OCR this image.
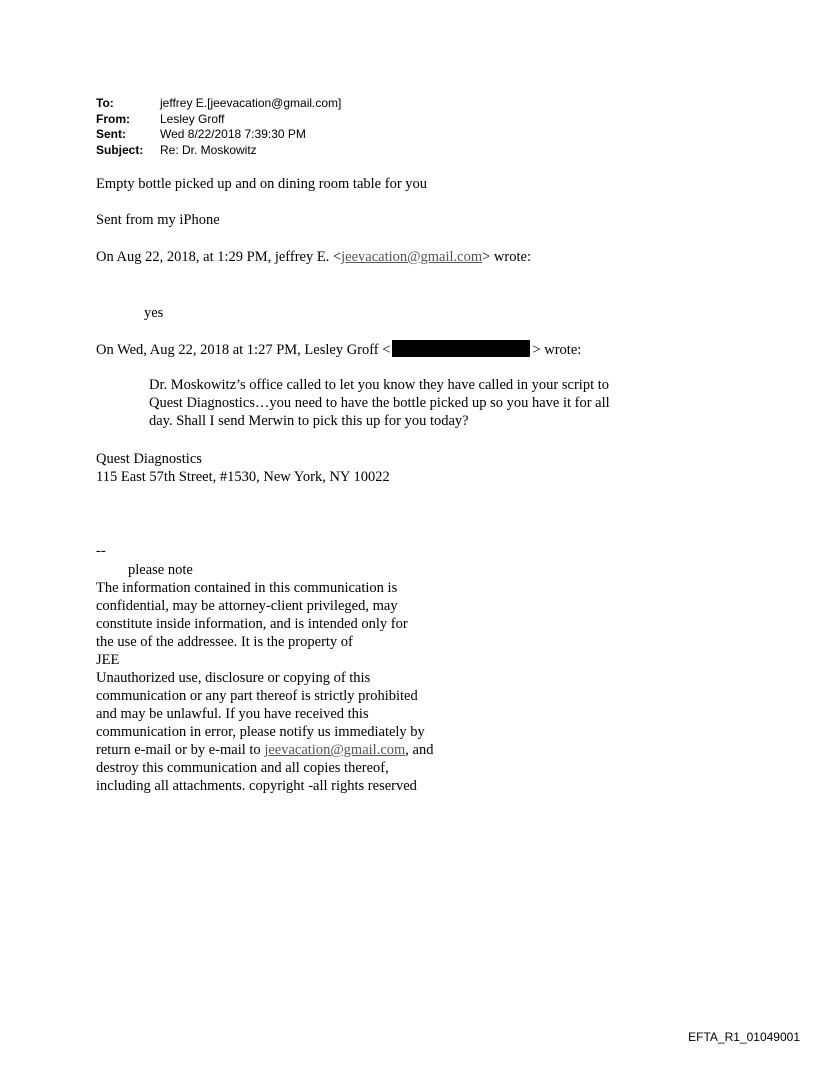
To:	jeffrey E.[jeevacation@gmail.com]
From:	Lesley Groff
Sent:	Wed 8/22/2018 7:39:30 PM
Subject:	Re: Dr. Moskowitz
Empty bottle picked up and on dining room table for you
Sent from my iPhone
On Aug 22, 2018, at 1:29 PM, jeffrey E. <jeevacation@gmail.com> wrote:
yes
On Wed, Aug 22, 2018 at 1:27 PM, Lesley Groff <	> wrote:
Dr. Moskowitz’s office called to let you know they have called in your script to
Quest Diagnostics…you need to have the bottle picked up so you have it for all
day. Shall I send Merwin to pick this up for you today?
Quest Diagnostics
115 East 57th Street, #1530, New York, NY 10022
--
please note
The information contained in this communication is
confidential, may be attorney-client privileged, may
constitute inside information, and is intended only for
the use of the addressee. It is the property of
JEE
Unauthorized use, disclosure or copying of this
communication or any part thereof is strictly prohibited
and may be unlawful. If you have received this
communication in error, please notify us immediately by
return e-mail or by e-mail to jeevacation@gmail.com, and
destroy this communication and all copies thereof,
including all attachments. copyright -all rights reserved
EFTA_R1_01049001
